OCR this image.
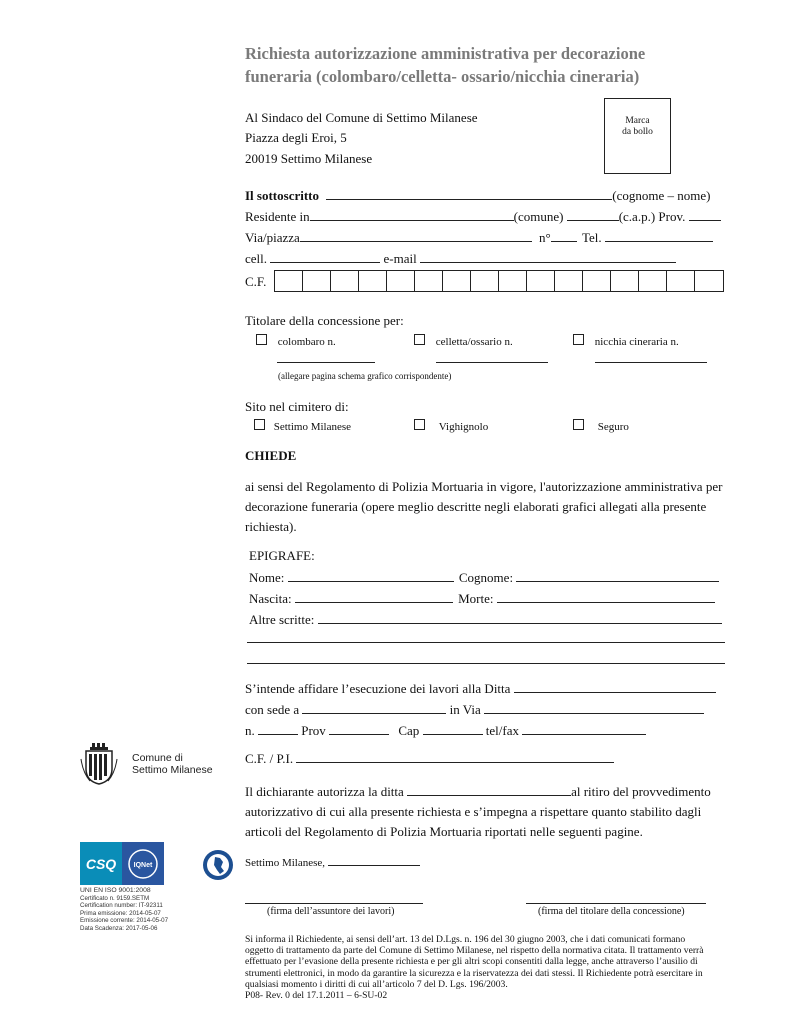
Richiesta autorizzazione amministrativa per decorazione funeraria (colombaro/celletta- ossario/nicchia cineraria)
Al Sindaco del Comune di Settimo Milanese
Piazza degli Eroi, 5
20019 Settimo Milanese
Marca
da bollo
Il sottoscritto	(cognome – nome)
Residente in	(comune)	(c.a.p.) Prov.
Via/piazza	n° Tel.
cell.	e-mail
C.F.
Titolare della concessione per:
colombaro n.	celletta/ossario n.	nicchia cineraria n.
(allegare pagina schema grafico corrispondente)
Sito nel cimitero di:
Settimo Milanese	Vighignolo	Seguro
CHIEDE
ai sensi del Regolamento di Polizia Mortuaria in vigore, l'autorizzazione amministrativa per decorazione funeraria (opere meglio descritte negli elaborati grafici allegati alla presente richiesta).
EPIGRAFE:
Nome:	Cognome:
Nascita:	Morte:
Altre scritte:
S’intende affidare l’esecuzione dei lavori alla Ditta
con sede a	in Via
n.	Prov	Cap	tel/fax
C.F. / P.I.
Il dichiarante autorizza la ditta	al ritiro del provvedimento
autorizzativo di cui alla presente richiesta e s’impegna a rispettare quanto stabilito dagli
articoli del Regolamento di Polizia Mortuaria riportati nelle seguenti pagine.
Settimo Milanese,
(firma dell’assuntore dei lavori)	(firma del titolare della concessione)
Si informa il Richiedente, ai sensi dell’art. 13 del D.Lgs. n. 196 del 30 giugno 2003, che i dati comunicati formano oggetto di trattamento da parte del Comune di Settimo Milanese, nel rispetto della normativa citata. Il trattamento verrà effettuato per l’evasione della presente richiesta e per gli altri scopi consentiti dalla legge, anche attraverso l’ausilio di strumenti elettronici, in modo da garantire la sicurezza e la riservatezza dei dati stessi. Il Richiedente potrà esercitare in qualsiasi momento i diritti di cui all’articolo 7 del D. Lgs. 196/2003.
P08- Rev. 0 del 17.1.2011 – 6-SU-02
Comune di
Settimo Milanese
CSQ	IQNet
UNI EN ISO 9001:2008
Certificato n. 9159.SETM
Certification number: IT-92311
Prima emissione: 2014-05-07
Emissione corrente: 2014-05-07
Data Scadenza: 2017-05-06
